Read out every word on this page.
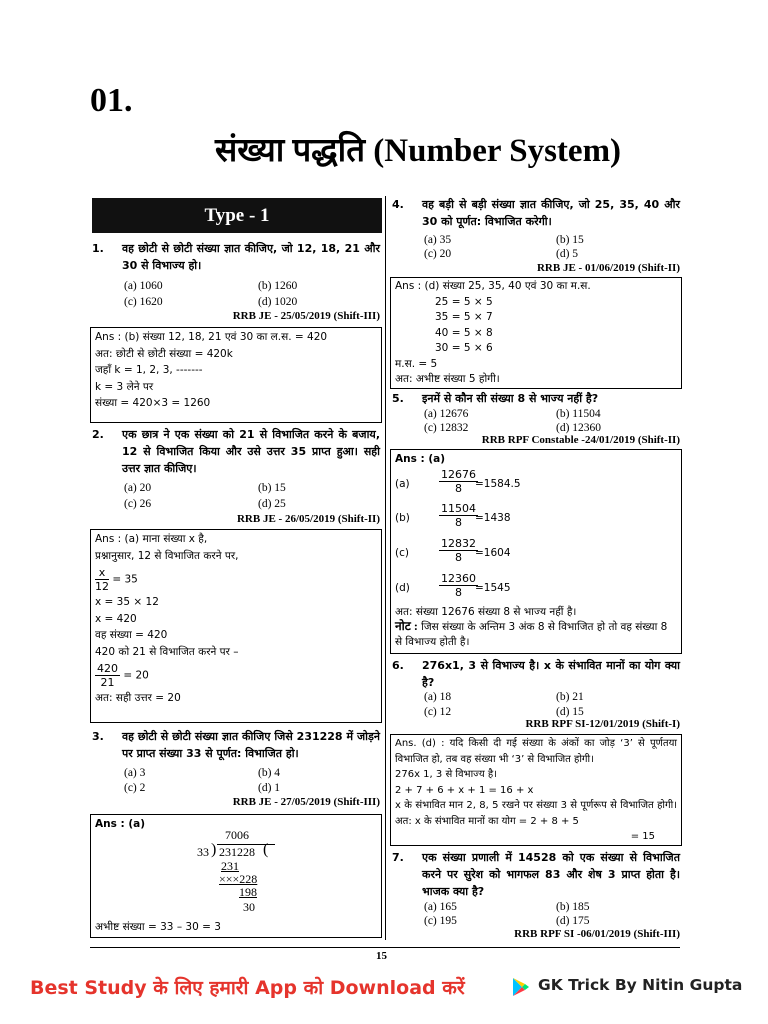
01.
संख्या पद्धति (Number System)
Type - 1
1. वह छोटी से छोटी संख्या ज्ञात कीजिए, जो 12, 18, 21 और 30 से विभाज्य हो।
(a) 1060	(b) 1260
(c) 1620	(d) 1020
RRB JE - 25/05/2019 (Shift-III)
Ans : (b) संख्या 12, 18, 21 एवं 30 का ल.स. = 420
अत: छोटी से छोटी संख्या = 420k
जहाँ k = 1, 2, 3, -------
k = 3 लेने पर
संख्या = 420×3 = 1260
2. एक छात्र ने एक संख्या को 21 से विभाजित करने के बजाय, 12 से विभाजित किया और उसे उत्तर 35 प्राप्त हुआ। सही उत्तर ज्ञात कीजिए।
(a) 20	(b) 15
(c) 26	(d) 25
RRB JE - 26/05/2019 (Shift-II)
Ans : (a) माना संख्या x है,
प्रश्नानुसार, 12 से विभाजित करने पर,
$\frac{x}{12} = 35$
x = 35 × 12
x = 420
वह संख्या = 420
420 को 21 से विभाजित करने पर –
$\frac{420}{21} = 20$
अत: सही उत्तर = 20
3. वह छोटी से छोटी संख्या ज्ञात कीजिए जिसे 231228 में जोड़ने पर प्राप्त संख्या 33 से पूर्णत: विभाजित हो।
(a) 3	(b) 4
(c) 2	(d) 1
RRB JE - 27/05/2019 (Shift-III)
Ans : (a)
7006
33 ) 231228 (
231
×××228
198
30
अभीष्ट संख्या = 33 – 30 = 3
4. वह बड़ी से बड़ी संख्या ज्ञात कीजिए, जो 25, 35, 40 और 30 को पूर्णत: विभाजित करेगी।
(a) 35	(b) 15
(c) 20	(d) 5
RRB JE - 01/06/2019 (Shift-II)
Ans : (d) संख्या 25, 35, 40 एवं 30 का म.स.
25 = 5 × 5
35 = 5 × 7
40 = 5 × 8
30 = 5 × 6
म.स. = 5
अत: अभीष्ट संख्या 5 होगी।
5. इनमें से कौन सी संख्या 8 से भाज्य नहीं है?
(a) 12676	(b) 11504
(c) 12832	(d) 12360
RRB RPF Constable -24/01/2019 (Shift-II)
Ans : (a)
(a)	$\frac{12676}{8}$
=1584.5
(b)	$\frac{11504}{8}$
=1438
(c)	$\frac{12832}{8}$
=1604
(d)	$\frac{12360}{8}$
=1545
अत: संख्या 12676 संख्या 8 से भाज्य नहीं है।
नोट : जिस संख्या के अन्तिम 3 अंक 8 से विभाजित हो तो वह संख्या 8 से विभाज्य होती है।
6. 276x1, 3 से विभाज्य है। x के संभावित मानों का योग क्या है?
(a) 18	(b) 21
(c) 12	(d) 15
RRB RPF SI-12/01/2019 (Shift-I)
Ans. (d) : यदि किसी दी गई संख्या के अंकों का जोड़ ‘3’ से पूर्णतया विभाजित हो, तब वह संख्या भी ‘3’ से विभाजित होगी।
276x 1, 3 से विभाज्य है।
2 + 7 + 6 + x + 1 = 16 + x
x के संभावित मान 2, 8, 5 रखने पर संख्या 3 से पूर्णरूप से विभाजित होगी। अत: x के संभावित मानों का योग = 2 + 8 + 5
= 15
7. एक संख्या प्रणाली में 14528 को एक संख्या से विभाजित करने पर सुरेश को भागफल 83 और शेष 3 प्राप्त होता है। भाजक क्या है?
(a) 165	(b) 185
(c) 195	(d) 175
RRB RPF SI -06/01/2019 (Shift-III)
15
Best Study के लिए हमारी App को Download करें	GK Trick By Nitin Gupta
